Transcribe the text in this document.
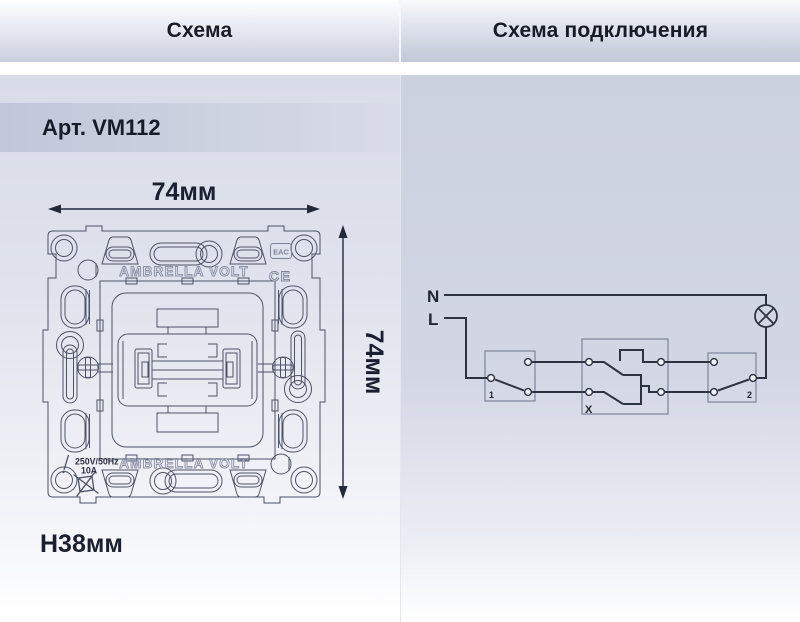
Схема	Схема подключения
Арт. VM112
74мм
74мм
Н38мм
AMBRELLA VOLT
AMBRELLA VOLT
250V/50Hz
10A
EAC
CE
N
L
1	2
X
